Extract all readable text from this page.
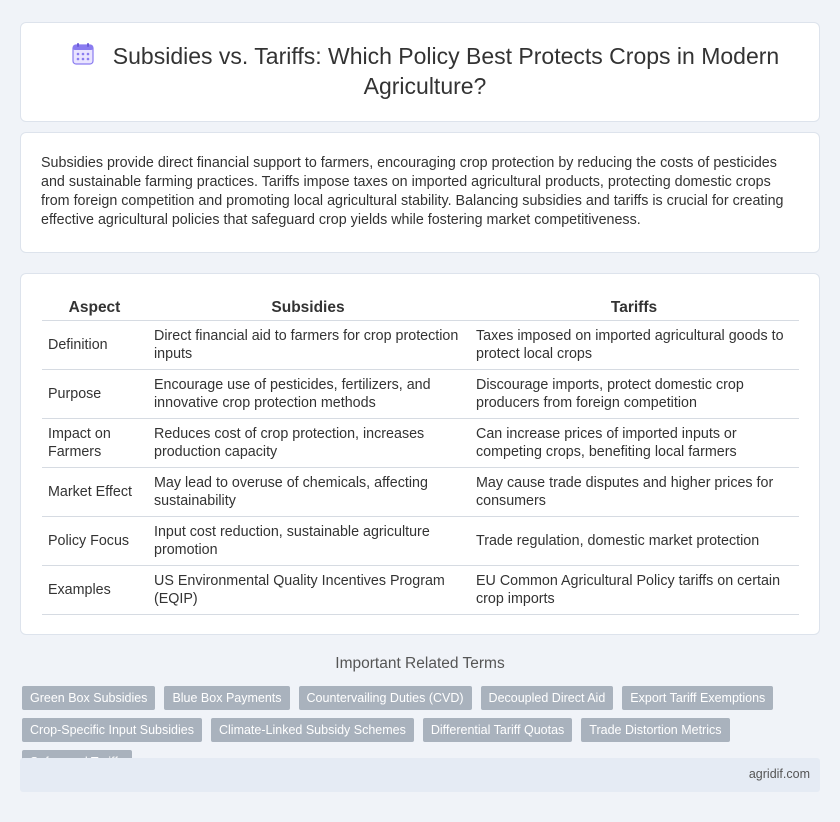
Subsidies vs. Tariffs: Which Policy Best Protects Crops in Modern Agriculture?

Subsidies provide direct financial support to farmers, encouraging crop protection by reducing the costs of pesticides and sustainable farming practices. Tariffs impose taxes on imported agricultural products, protecting domestic crops from foreign competition and promoting local agricultural stability. Balancing subsidies and tariffs is crucial for creating effective agricultural policies that safeguard crop yields while fostering market competitiveness.

Aspect	Subsidies	Tariffs
Definition	Direct financial aid to farmers for crop protection inputs	Taxes imposed on imported agricultural goods to protect local crops
Purpose	Encourage use of pesticides, fertilizers, and innovative crop protection methods	Discourage imports, protect domestic crop producers from foreign competition
Impact on Farmers	Reduces cost of crop protection, increases production capacity	Can increase prices of imported inputs or competing crops, benefiting local farmers
Market Effect	May lead to overuse of chemicals, affecting sustainability	May cause trade disputes and higher prices for consumers
Policy Focus	Input cost reduction, sustainable agriculture promotion	Trade regulation, domestic market protection
Examples	US Environmental Quality Incentives Program (EQIP)	EU Common Agricultural Policy tariffs on certain crop imports
Important Related Terms
Green Box Subsidies	Blue Box Payments	Countervailing Duties (CVD)	Decoupled Direct Aid	Export Tariff Exemptions
Crop-Specific Input Subsidies	Climate-Linked Subsidy Schemes	Differential Tariff Quotas	Trade Distortion Metrics
agridif.com
